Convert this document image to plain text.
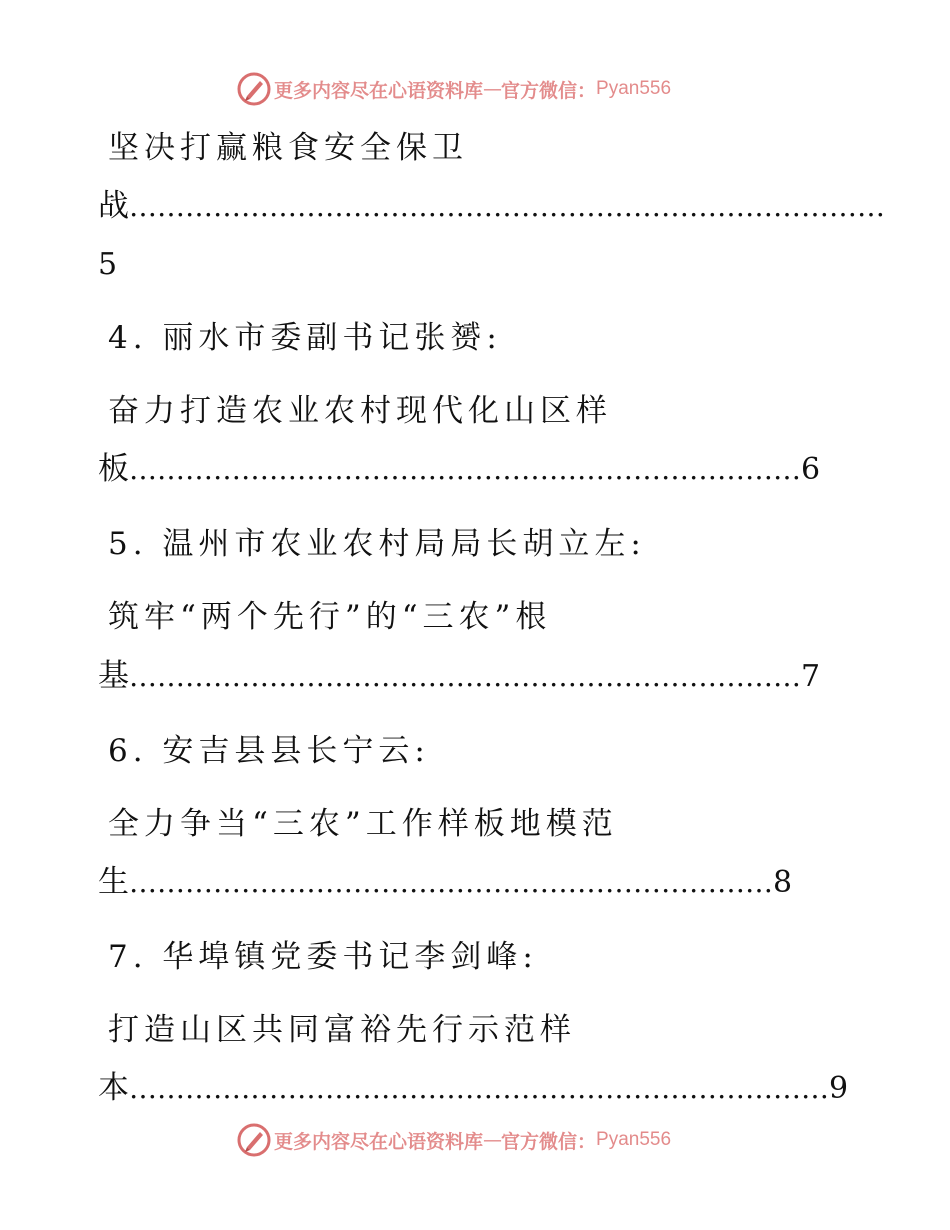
更多内容尽在心语资料库 — 官方微信： Pyan556
坚决打赢粮食安全保卫
战………………………………………………………………………
5
4. 丽水市委副书记张赟:
奋力打造农业农村现代化山区样
板………………………………………………………………6
5. 温州市农业农村局局长胡立左:
筑牢“两个先行”的“三农”根
基………………………………………………………………7
6. 安吉县县长宁云:
全力争当“三农”工作样板地模范
生……………………………………………………………8
7. 华埠镇党委书记李剑峰:
打造山区共同富裕先行示范样
本…………………………………………………………………9
更多内容尽在心语资料库 — 官方微信： Pyan556
